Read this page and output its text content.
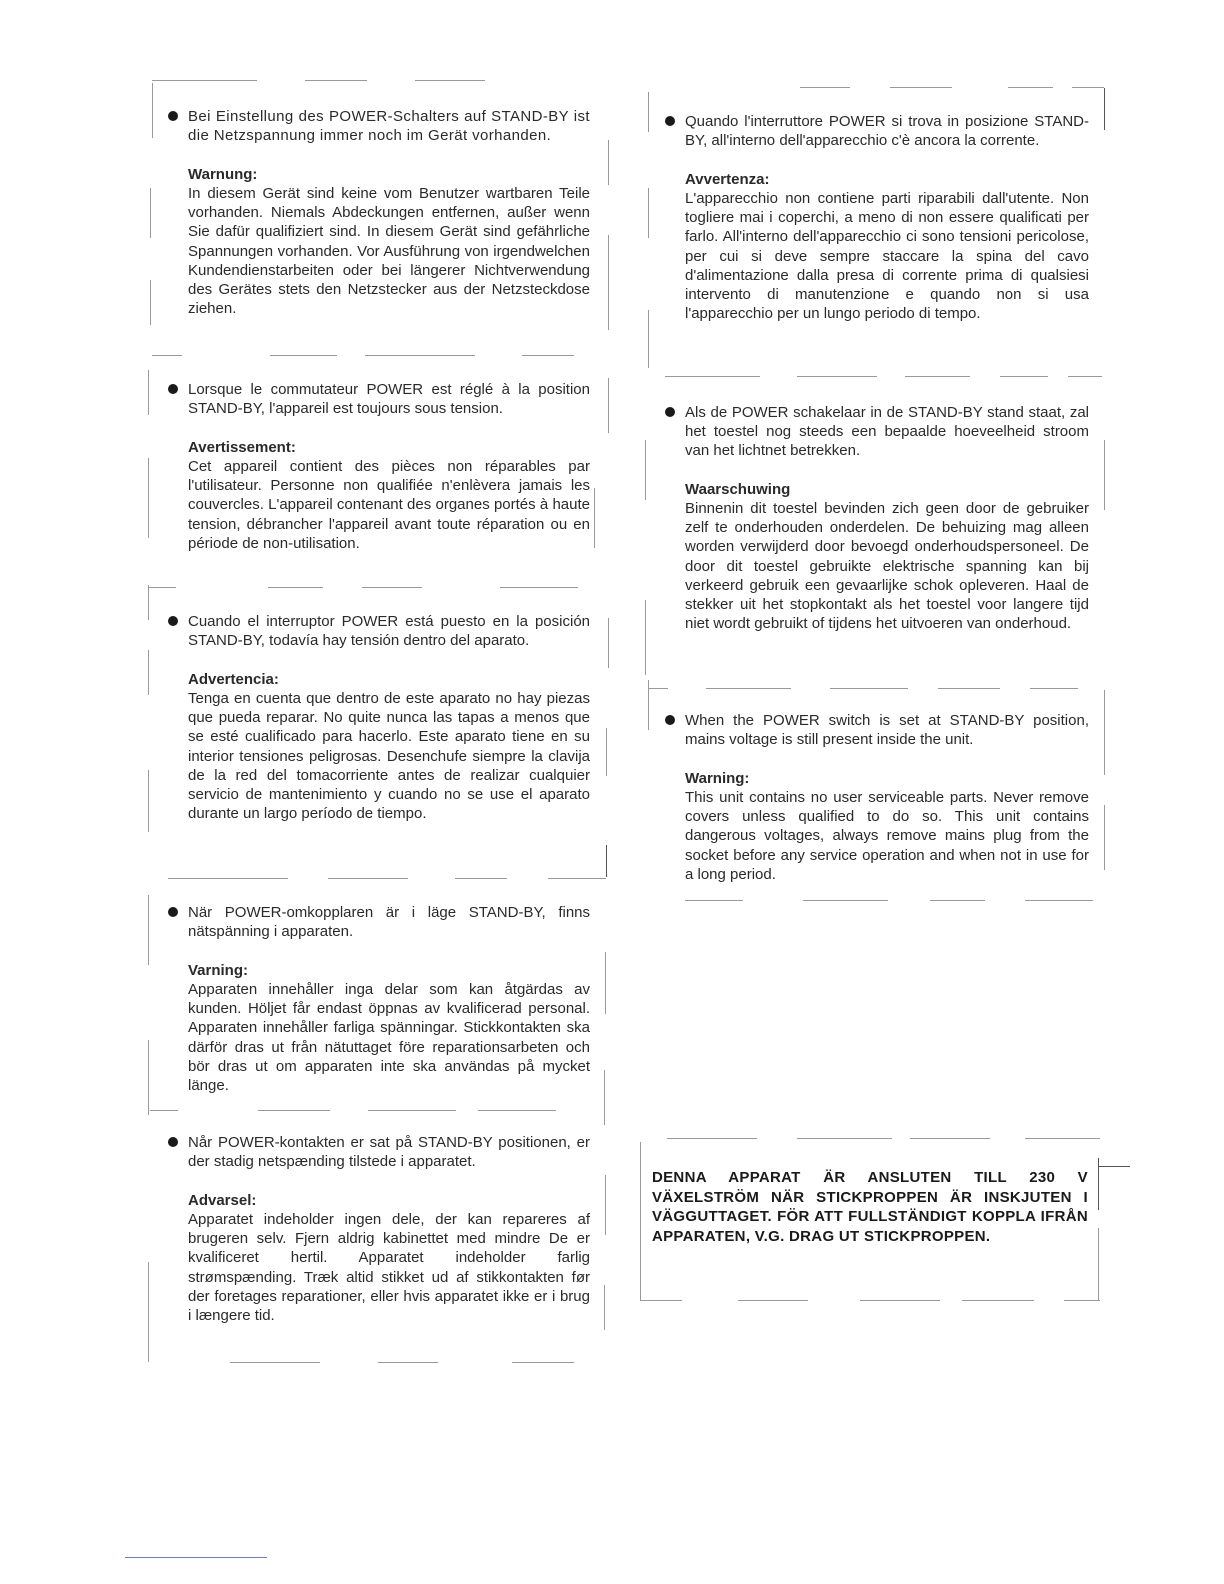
Bei Einstellung des POWER-Schalters auf STAND-BY ist die Netzspannung immer noch im Gerät vorhanden.

Warnung:

In diesem Gerät sind keine vom Benutzer wartbaren Teile vorhanden. Niemals Abdeckungen entfernen, außer wenn Sie dafür qualifiziert sind. In diesem Gerät sind gefährliche Spannungen vorhanden. Vor Ausführung von irgendwelchen Kundendienstarbeiten oder bei längerer Nichtverwendung des Gerätes stets den Netzstecker aus der Netzsteckdose ziehen.

Lorsque le commutateur POWER est réglé à la position STAND-BY, l'appareil est toujours sous tension.

Avertissement:

Cet appareil contient des pièces non réparables par l'utilisateur. Personne non qualifiée n'enlèvera jamais les couvercles. L'appareil contenant des organes portés à haute tension, débrancher l'appareil avant toute réparation ou en période de non-utilisation.

Cuando el interruptor POWER está puesto en la posición STAND-BY, todavía hay tensión dentro del aparato.

Advertencia:

Tenga en cuenta que dentro de este aparato no hay piezas que pueda reparar. No quite nunca las tapas a menos que se esté cualificado para hacerlo. Este aparato tiene en su interior tensiones peligrosas. Desenchufe siempre la clavija de la red del tomacorriente antes de realizar cualquier servicio de mantenimiento y cuando no se use el aparato durante un largo período de tiempo.

När POWER-omkopplaren är i läge STAND-BY, finns nätspänning i apparaten.

Varning:

Apparaten innehåller inga delar som kan åtgärdas av kunden. Höljet får endast öppnas av kvalificerad personal. Apparaten innehåller farliga spänningar. Stickkontakten ska därför dras ut från nätuttaget före reparationsarbeten och bör dras ut om apparaten inte ska användas på mycket länge.

Når POWER-kontakten er sat på STAND-BY positionen, er der stadig netspænding tilstede i apparatet.

Advarsel:

Apparatet indeholder ingen dele, der kan repareres af brugeren selv. Fjern aldrig kabinettet med mindre De er kvalificeret hertil. Apparatet indeholder farlig strømspænding. Træk altid stikket ud af stikkontakten før der foretages reparationer, eller hvis apparatet ikke er i brug i længere tid.

Quando l'interruttore POWER si trova in posizione STAND-BY, all'interno dell'apparecchio c'è ancora la corrente.

Avvertenza:

L'apparecchio non contiene parti riparabili dall'utente. Non togliere mai i coperchi, a meno di non essere qualificati per farlo. All'interno dell'apparecchio ci sono tensioni pericolose, per cui si deve sempre staccare la spina del cavo d'alimentazione dalla presa di corrente prima di qualsiesi intervento di manutenzione e quando non si usa l'apparecchio per un lungo periodo di tempo.

Als de POWER schakelaar in de STAND-BY stand staat, zal het toestel nog steeds een bepaalde hoeveelheid stroom van het lichtnet betrekken.

Waarschuwing

Binnenin dit toestel bevinden zich geen door de gebruiker zelf te onderhouden onderdelen. De behuizing mag alleen worden verwijderd door bevoegd onderhoudspersoneel. De door dit toestel gebruikte elektrische spanning kan bij verkeerd gebruik een gevaarlijke schok opleveren. Haal de stekker uit het stopkontakt als het toestel voor langere tijd niet wordt gebruikt of tijdens het uitvoeren van onderhoud.

When the POWER switch is set at STAND-BY position, mains voltage is still present inside the unit.

Warning:

This unit contains no user serviceable parts. Never remove covers unless qualified to do so. This unit contains dangerous voltages, always remove mains plug from the socket before any service operation and when not in use for a long period.

DENNA APPARAT ÄR ANSLUTEN TILL 230 V VÄXELSTRÖM NÄR STICKPROPPEN ÄR INSKJUTEN I VÄGGUTTAGET. FÖR ATT FULLSTÄNDIGT KOPPLA IFRÅN APPARATEN, V.G. DRAG UT STICKPROPPEN.
